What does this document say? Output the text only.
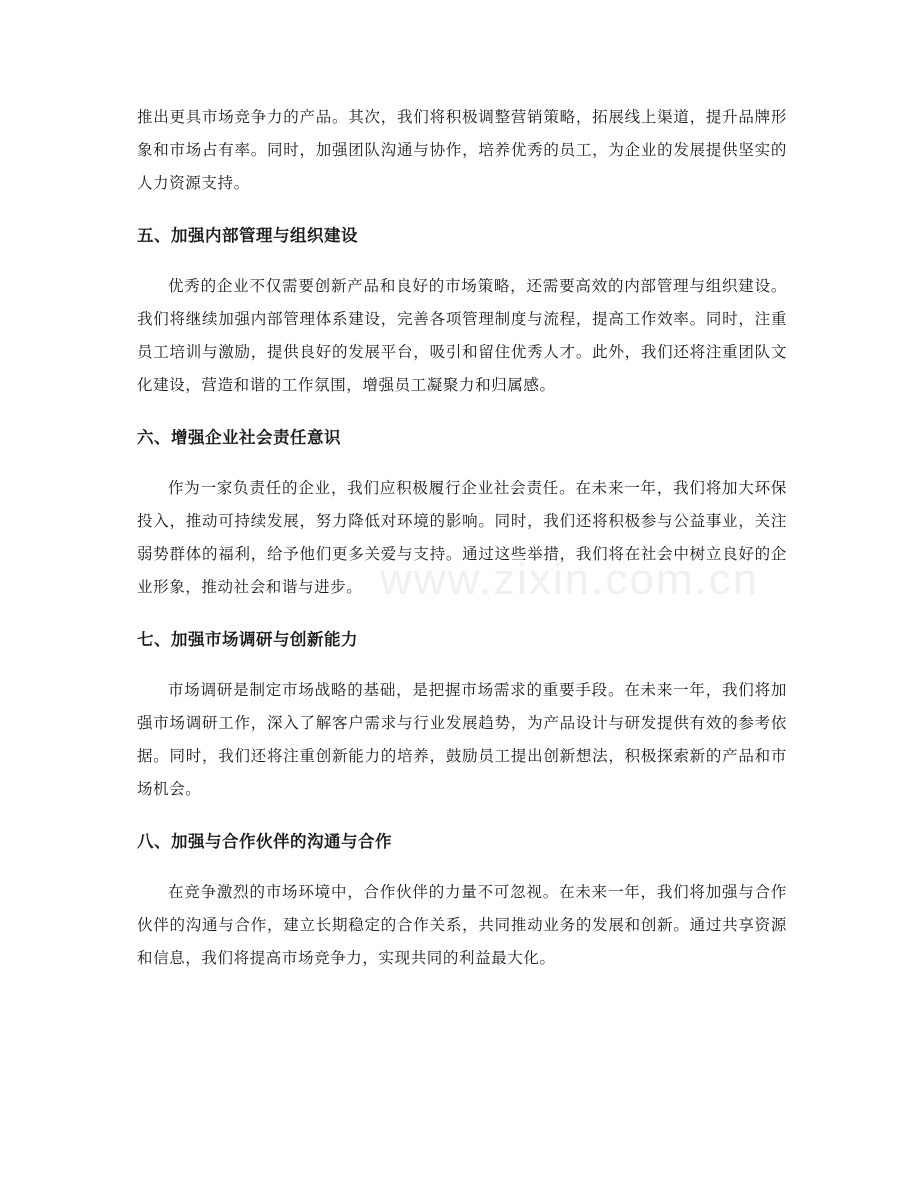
www.zixin.com.cn

推出更具市场竞争力的产品。其次，我们将积极调整营销策略，拓展线上渠道，提升品牌形象和市场占有率。同时，加强团队沟通与协作，培养优秀的员工，为企业的发展提供坚实的人力资源支持。

五、加强内部管理与组织建设

优秀的企业不仅需要创新产品和良好的市场策略，还需要高效的内部管理与组织建设。我们将继续加强内部管理体系建设，完善各项管理制度与流程，提高工作效率。同时，注重员工培训与激励，提供良好的发展平台，吸引和留住优秀人才。此外，我们还将注重团队文化建设，营造和谐的工作氛围，增强员工凝聚力和归属感。

六、增强企业社会责任意识

作为一家负责任的企业，我们应积极履行企业社会责任。在未来一年，我们将加大环保投入，推动可持续发展，努力降低对环境的影响。同时，我们还将积极参与公益事业，关注弱势群体的福利，给予他们更多关爱与支持。通过这些举措，我们将在社会中树立良好的企业形象，推动社会和谐与进步。

七、加强市场调研与创新能力

市场调研是制定市场战略的基础，是把握市场需求的重要手段。在未来一年，我们将加强市场调研工作，深入了解客户需求与行业发展趋势，为产品设计与研发提供有效的参考依据。同时，我们还将注重创新能力的培养，鼓励员工提出创新想法，积极探索新的产品和市场机会。

八、加强与合作伙伴的沟通与合作

在竞争激烈的市场环境中，合作伙伴的力量不可忽视。在未来一年，我们将加强与合作伙伴的沟通与合作，建立长期稳定的合作关系，共同推动业务的发展和创新。通过共享资源和信息，我们将提高市场竞争力，实现共同的利益最大化。
